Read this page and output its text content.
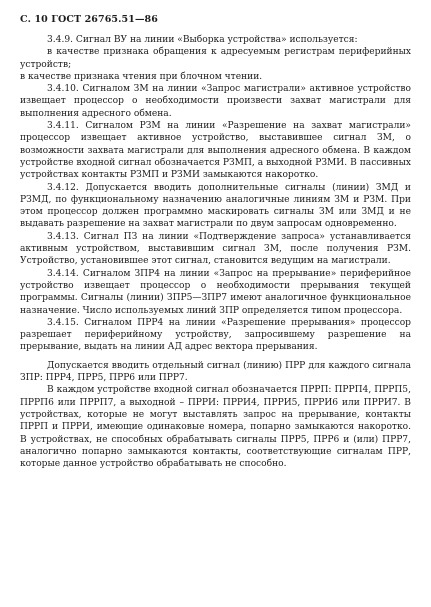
С. 10 ГОСТ 26765.51—86

3.4.9. Сигнал ВУ на линии «Выборка устройства» используется:

в качестве признака обращения к адресуемым регистрам периферийных устройств;

в качестве признака чтения при блочном чтении.

3.4.10. Сигналом ЗМ на линии «Запрос магистрали» активное устройство извещает процессор о необходимости произвести захват магистрали для выполнения адресного обмена.

3.4.11. Сигналом РЗМ на линии «Разрешение на захват магистрали» процессор извещает активное устройство, выставившее сигнал ЗМ, о возможности захвата магистрали для выполнения адресного обмена. В каждом устройстве входной сигнал обозначается РЗМП, а выходной РЗМИ. В пассивных устройствах контакты РЗМП и РЗМИ замыкаются накоротко.

3.4.12. Допускается вводить дополнительные сигналы (линии) ЗМД и РЗМД, по функциональному назначению аналогичные линиям ЗМ и РЗМ. При этом процессор должен программно маскировать сигналы ЗМ или ЗМД и не выдавать разрешение на захват магистрали по двум запросам одновременно.

3.4.13. Сигнал ПЗ на линии «Подтверждение запроса» устанавливается активным устройством, выставившим сигнал ЗМ, после получения РЗМ. Устройство, установившее этот сигнал, становится ведущим на магистрали.

3.4.14. Сигналом ЗПР4 на линии «Запрос на прерывание» периферийное устройство извещает процессор о необходимости прерывания текущей программы. Сигналы (линии) ЗПР5—ЗПР7 имеют аналогичное функциональное назначение. Число используемых линий ЗПР определяется типом процессора.

3.4.15. Сигналом ПРР4 на линии «Разрешение прерывания» процессор разрешает периферийному устройству, запросившему разрешение на прерывание, выдать на линии АД адрес вектора прерывания.

Допускается вводить отдельный сигнал (линию) ПРР для каждого сигнала ЗПР: ПРР4, ПРР5, ПРР6 или ПРР7.

В каждом устройстве входной сигнал обозначается ПРРП: ПРРП4, ПРРП5, ПРРП6 или ПРРП7, а выходной – ПРРИ: ПРРИ4, ПРРИ5, ПРРИ6 или ПРРИ7. В устройствах, которые не могут выставлять запрос на прерывание, контакты ПРРП и ПРРИ, имеющие одинаковые номера, попарно замыкаются накоротко. В устройствах, не способных обрабатывать сигналы ПРР5, ПРР6 и (или) ПРР7, аналогично попарно замыкаются контакты, соответствующие сигналам ПРР, которые данное устройство обрабатывать не способно.
